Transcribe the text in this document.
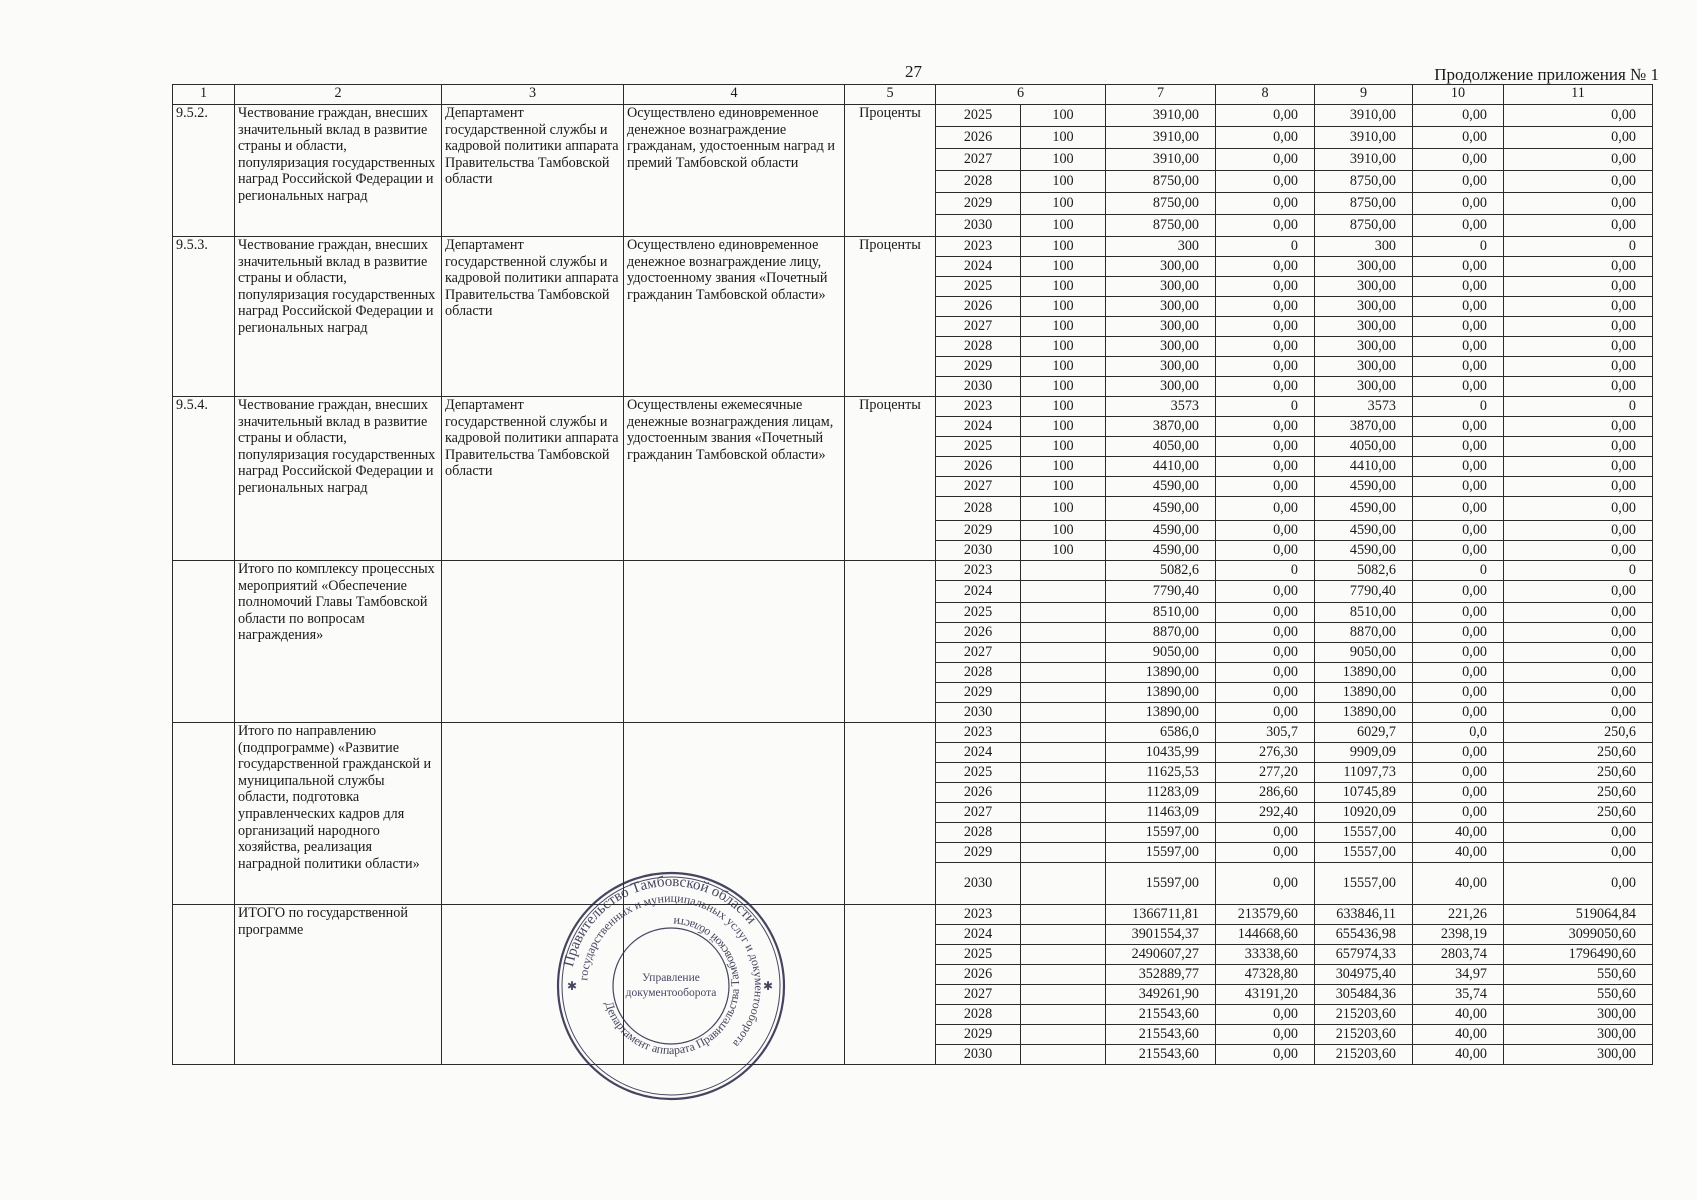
27	Продолжение приложения № 1
1	2	3	4	5	6		7	8	9	10	11
9.5.2.	Чествование граждан, внесших значительный вклад в развитие страны и области, популяризация государственных наград Российской Федерации и региональных наград	Департамент государственной службы и кадровой политики аппарата Правительства Тамбовской области	Осуществлено единовременное денежное вознаграждение гражданам, удостоенным наград и премий Тамбовской области	Проценты	2025	100	3910,00	0,00	3910,00	0,00	0,00
					2026	100	3910,00	0,00	3910,00	0,00	0,00
					2027	100	3910,00	0,00	3910,00	0,00	0,00
					2028	100	8750,00	0,00	8750,00	0,00	0,00
					2029	100	8750,00	0,00	8750,00	0,00	0,00
					2030	100	8750,00	0,00	8750,00	0,00	0,00
9.5.3.	Чествование граждан, внесших значительный вклад в развитие страны и области, популяризация государственных наград Российской Федерации и региональных наград	Департамент государственной службы и кадровой политики аппарата Правительства Тамбовской области	Осуществлено единовременное денежное вознаграждение лицу, удостоенному звания «Почетный гражданин Тамбовской области»	Проценты	2023	100	300	0	300	0	0
					2024	100	300,00	0,00	300,00	0,00	0,00
					2025	100	300,00	0,00	300,00	0,00	0,00
					2026	100	300,00	0,00	300,00	0,00	0,00
					2027	100	300,00	0,00	300,00	0,00	0,00
					2028	100	300,00	0,00	300,00	0,00	0,00
					2029	100	300,00	0,00	300,00	0,00	0,00
					2030	100	300,00	0,00	300,00	0,00	0,00
9.5.4.	Чествование граждан, внесших значительный вклад в развитие страны и области, популяризация государственных наград Российской Федерации и региональных наград	Департамент государственной службы и кадровой политики аппарата Правительства Тамбовской области	Осуществлены ежемесячные денежные вознаграждения лицам, удостоенным звания «Почетный гражданин Тамбовской области»	Проценты	2023	100	3573	0	3573	0	0
					2024	100	3870,00	0,00	3870,00	0,00	0,00
					2025	100	4050,00	0,00	4050,00	0,00	0,00
					2026	100	4410,00	0,00	4410,00	0,00	0,00
					2027	100	4590,00	0,00	4590,00	0,00	0,00
					2028	100	4590,00	0,00	4590,00	0,00	0,00
					2029	100	4590,00	0,00	4590,00	0,00	0,00
					2030	100	4590,00	0,00	4590,00	0,00	0,00
	Итого по комплексу процессных мероприятий «Обеспечение полномочий Главы Тамбовской области по вопросам награждения»				2023		5082,6	0	5082,6	0	0
					2024		7790,40	0,00	7790,40	0,00	0,00
					2025		8510,00	0,00	8510,00	0,00	0,00
					2026		8870,00	0,00	8870,00	0,00	0,00
					2027		9050,00	0,00	9050,00	0,00	0,00
					2028		13890,00	0,00	13890,00	0,00	0,00
					2029		13890,00	0,00	13890,00	0,00	0,00
					2030		13890,00	0,00	13890,00	0,00	0,00
	Итого по направлению (подпрограмме) «Развитие государственной гражданской и муниципальной службы области, подготовка управленческих кадров для организаций народного хозяйства, реализация наградной политики области»				2023		6586,0	305,7	6029,7	0,0	250,6
					2024		10435,99	276,30	9909,09	0,00	250,60
					2025		11625,53	277,20	11097,73	0,00	250,60
					2026		11283,09	286,60	10745,89	0,00	250,60
					2027		11463,09	292,40	10920,09	0,00	250,60
					2028		15597,00	0,00	15557,00	40,00	0,00
					2029		15597,00	0,00	15557,00	40,00	0,00
					2030		15597,00	0,00	15557,00	40,00	0,00
	ИТОГО по государственной программе				2023		1366711,81	213579,60	633846,11	221,26	519064,84
					2024		3901554,37	144668,60	655436,98	2398,19	3099050,60
					2025		2490607,27	33338,60	657974,33	2803,74	1796490,60
					2026		352889,77	47328,80	304975,40	34,97	550,60
					2027		349261,90	43191,20	305484,36	35,74	550,60
					2028		215543,60	0,00	215203,60	40,00	300,00
					2029		215543,60	0,00	215203,60	40,00	300,00
					2030		215543,60	0,00	215203,60	40,00	300,00
Правительство Тамбовской области
государственных и муниципальных услуг и документооборота
Департамент аппарата Правительства Тамбовской области
Управление
документооборота
✱	✱
